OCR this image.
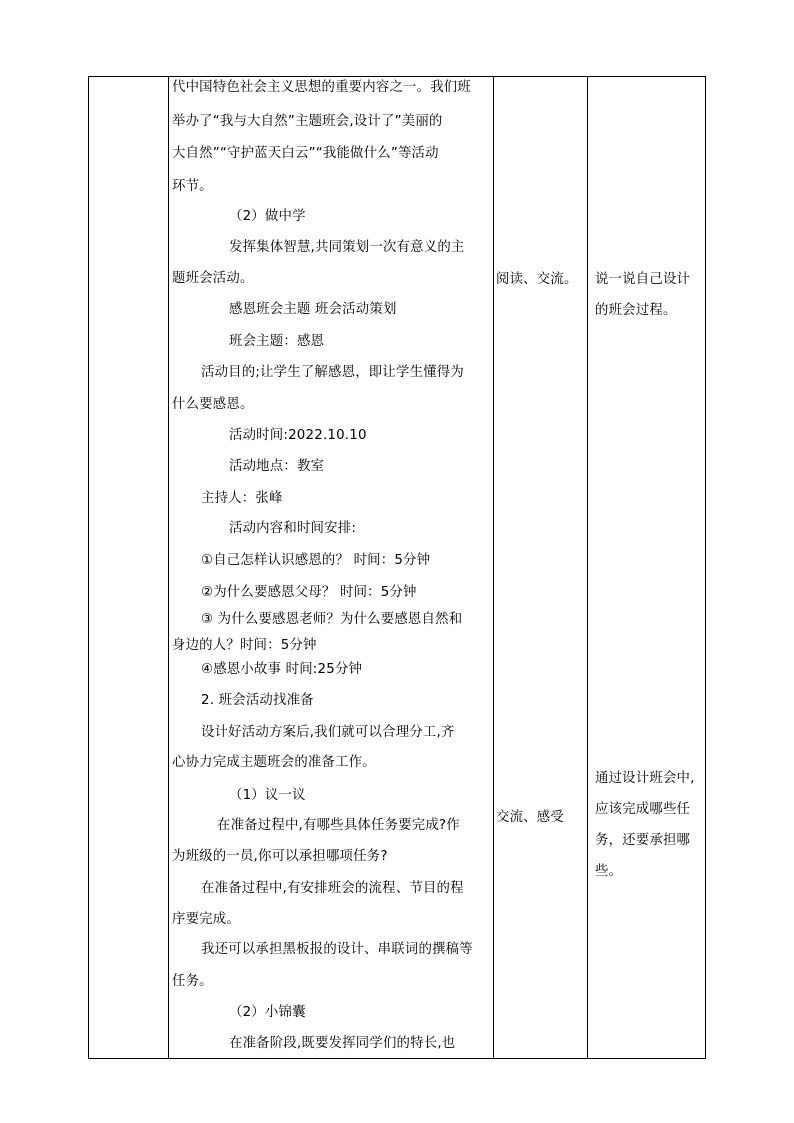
代中国特色社会主义思想的重要内容之一。我们班
举办了“我与大自然”主题班会,设计了”美丽的
大自然”“守护蓝天白云”“我能做什么”等活动
环节。
（2）做中学
发挥集体智慧,共同策划一次有意义的主
题班会活动。
感恩班会主题 班会活动策划
班会主题：感恩
活动目的;让学生了解感恩，即让学生懂得为
什么要感恩。
活动时间:2022.10.10
活动地点：教室
主持人：张峰
活动内容和时间安排:
①自己怎样认识感恩的？ 时间：5分钟
②为什么要感恩父母？ 时间：5分钟
③ 为什么要感恩老师？为什么要感恩自然和
身边的人？时间：5分钟
④感恩小故事 时间:25分钟
2. 班会活动找准备
设计好活动方案后,我们就可以合理分工,齐
心协力完成主题班会的准备工作。
（1）议一议
在准备过程中,有哪些具体任务要完成?作
为班级的一员,你可以承担哪项任务?
在准备过程中,有安排班会的流程、节目的程
序要完成。
我还可以承担黑板报的设计、串联词的撰稿等
任务。
（2）小锦囊
在准备阶段,既要发挥同学们的特长,也
阅读、交流。
交流、感受
说一说自己设计
的班会过程。
通过设计班会中,
应该完成哪些任
务，还要承担哪
些。
